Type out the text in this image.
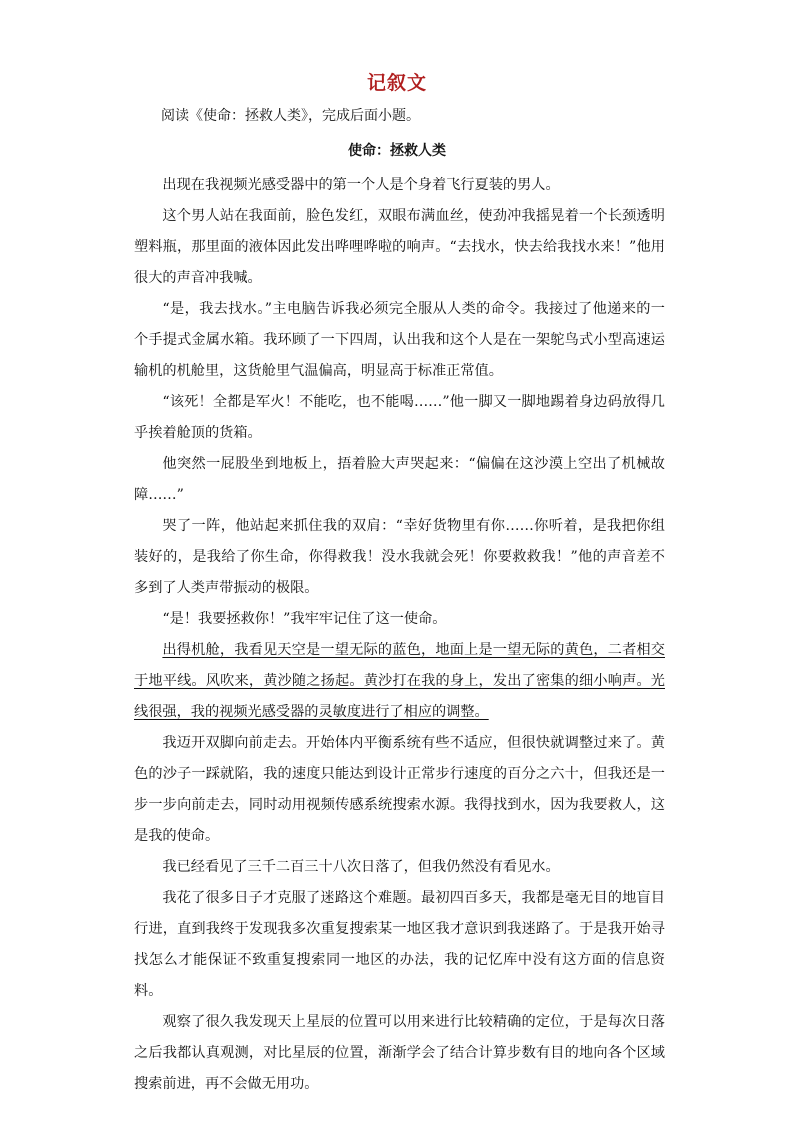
记叙文
阅读《使命：拯救人类》，完成后面小题。
使命：拯救人类

出现在我视频光感受器中的第一个人是个身着飞行夏装的男人。

这个男人站在我面前，脸色发红，双眼布满血丝，使劲冲我摇晃着一个长颈透明塑料瓶，那里面的液体因此发出哗哩哗啦的响声。“去找水，快去给我找水来！”他用很大的声音冲我喊。

“是，我去找水。”主电脑告诉我必须完全服从人类的命令。我接过了他递来的一个手提式金属水箱。我环顾了一下四周，认出我和这个人是在一架鸵鸟式小型高速运输机的机舱里，这货舱里气温偏高，明显高于标准正常值。

“该死！全都是军火！不能吃，也不能喝……”他一脚又一脚地踢着身边码放得几乎挨着舱顶的货箱。

他突然一屁股坐到地板上，捂着脸大声哭起来：“偏偏在这沙漠上空出了机械故障……”

哭了一阵，他站起来抓住我的双肩：“幸好货物里有你……你听着，是我把你组装好的，是我给了你生命，你得救我！没水我就会死！你要救救我！”他的声音差不多到了人类声带振动的极限。

“是！我要拯救你！”我牢牢记住了这一使命。

出得机舱，我看见天空是一望无际的蓝色，地面上是一望无际的黄色，二者相交于地平线。风吹来，黄沙随之扬起。黄沙打在我的身上，发出了密集的细小响声。光线很强，我的视频光感受器的灵敏度进行了相应的调整。

我迈开双脚向前走去。开始体内平衡系统有些不适应，但很快就调整过来了。黄色的沙子一踩就陷，我的速度只能达到设计正常步行速度的百分之六十，但我还是一步一步向前走去，同时动用视频传感系统搜索水源。我得找到水，因为我要救人，这是我的使命。

我已经看见了三千二百三十八次日落了，但我仍然没有看见水。

我花了很多日子才克服了迷路这个难题。最初四百多天，我都是毫无目的地盲目行进，直到我终于发现我多次重复搜索某一地区我才意识到我迷路了。于是我开始寻找怎么才能保证不致重复搜索同一地区的办法，我的记忆库中没有这方面的信息资料。

观察了很久我发现天上星辰的位置可以用来进行比较精确的定位，于是每次日落之后我都认真观测，对比星辰的位置，渐渐学会了结合计算步数有目的地向各个区域搜索前进，再不会做无用功。
